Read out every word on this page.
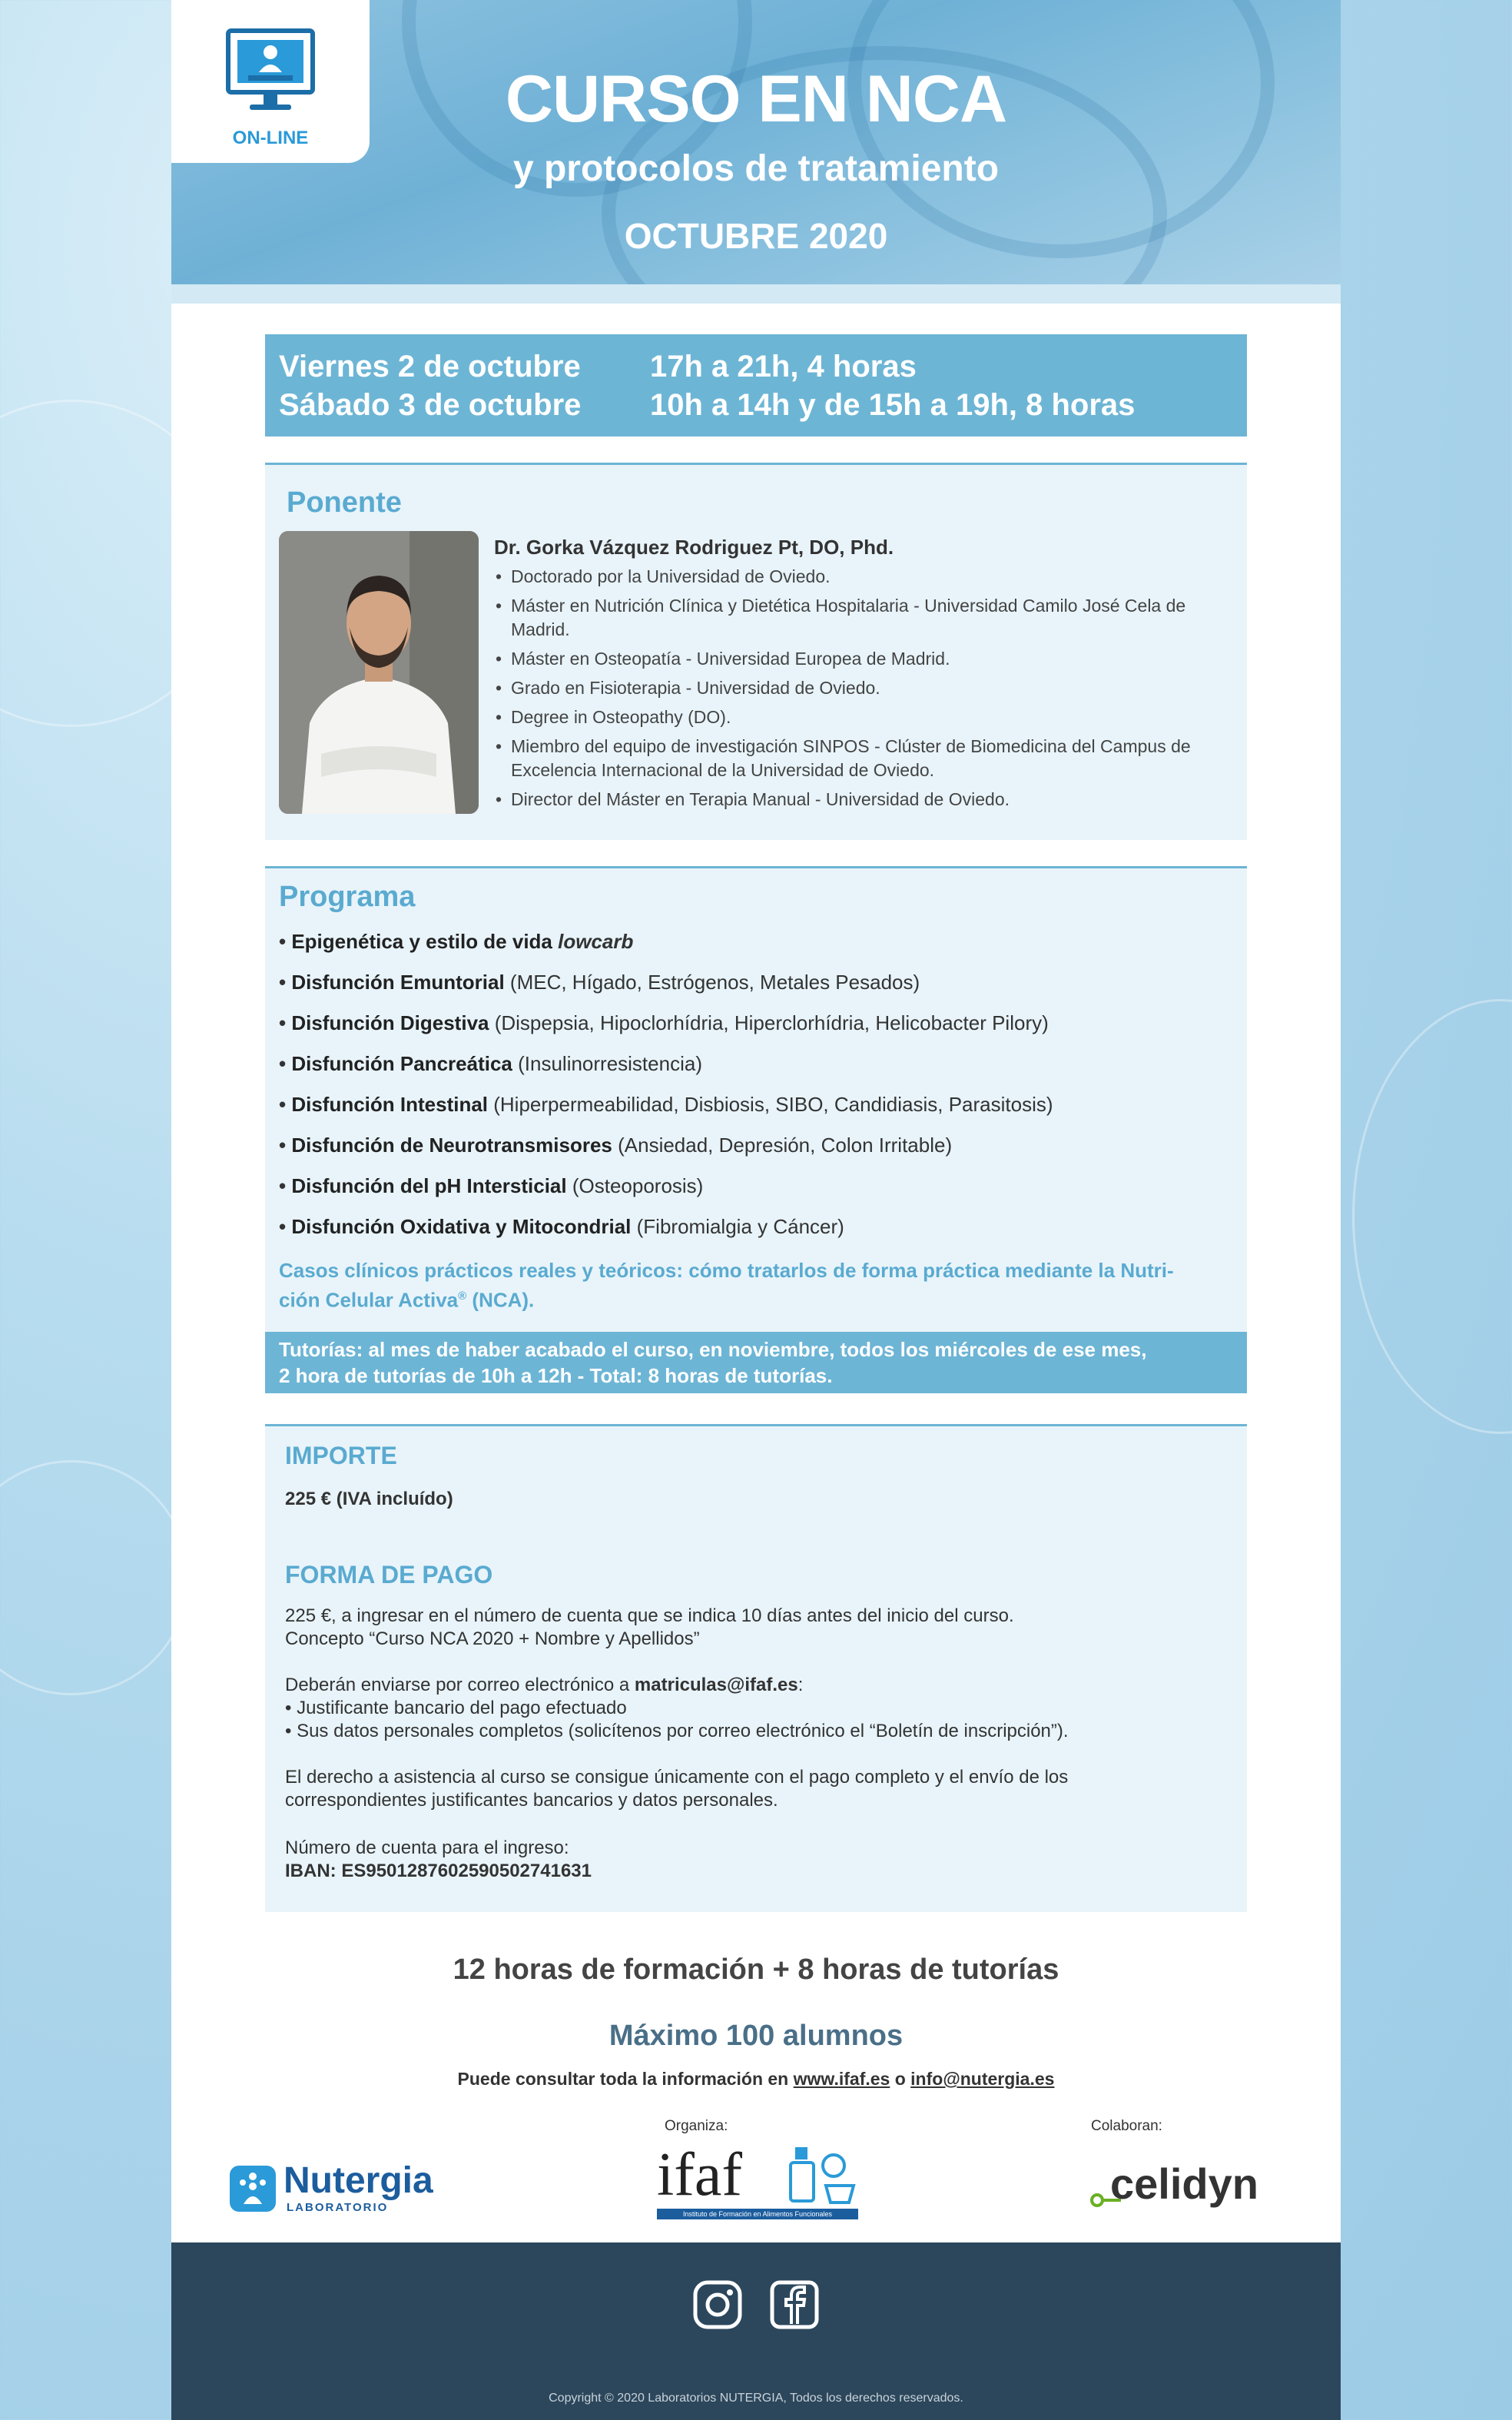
ON-LINE
CURSO EN NCA
y protocolos de tratamiento
OCTUBRE 2020
Viernes 2 de octubre 17h a 21h, 4 horas
Sábado 3 de octubre 10h a 14h y de 15h a 19h, 8 horas
Ponente
Dr. Gorka Vázquez Rodriguez Pt, DO, Phd.
• Doctorado por la Universidad de Oviedo.
• Máster en Nutrición Clínica y Dietética Hospitalaria - Universidad Camilo José Cela de Madrid.
• Máster en Osteopatía - Universidad Europea de Madrid.
• Grado en Fisioterapia - Universidad de Oviedo.
• Degree in Osteopathy (DO).
• Miembro del equipo de investigación SINPOS - Clúster de Biomedicina del Campus de Excelencia Internacional de la Universidad de Oviedo.
• Director del Máster en Terapia Manual - Universidad de Oviedo.
Programa
• Epigenética y estilo de vida lowcarb
• Disfunción Emuntorial (MEC, Hígado, Estrógenos, Metales Pesados)
• Disfunción Digestiva (Dispepsia, Hipoclorhídria, Hiperclorhídria, Helicobacter Pilory)
• Disfunción Pancreática (Insulinorresistencia)
• Disfunción Intestinal (Hiperpermeabilidad, Disbiosis, SIBO, Candidiasis, Parasitosis)
• Disfunción de Neurotransmisores (Ansiedad, Depresión, Colon Irritable)
• Disfunción del pH Intersticial (Osteoporosis)
• Disfunción Oxidativa y Mitocondrial (Fibromialgia y Cáncer)
Casos clínicos prácticos reales y teóricos: cómo tratarlos de forma práctica mediante la Nutri-
ción Celular Activa® (NCA).
Tutorías: al mes de haber acabado el curso, en noviembre, todos los miércoles de ese mes,
2 hora de tutorías de 10h a 12h - Total: 8 horas de tutorías.
IMPORTE
225 € (IVA incluído)
FORMA DE PAGO
225 €, a ingresar en el número de cuenta que se indica 10 días antes del inicio del curso.
Concepto “Curso NCA 2020 + Nombre y Apellidos”
Deberán enviarse por correo electrónico a matriculas@ifaf.es:
• Justificante bancario del pago efectuado
• Sus datos personales completos (solicítenos por correo electrónico el “Boletín de inscripción”).
El derecho a asistencia al curso se consigue únicamente con el pago completo y el envío de los
correspondientes justificantes bancarios y datos personales.
Número de cuenta para el ingreso:
IBAN: ES9501287602590502741631
12 horas de formación + 8 horas de tutorías
Máximo 100 alumnos
Puede consultar toda la información en www.ifaf.es o info@nutergia.es
Organiza:	Colaboran:
Nutergia
LABORATORIO	ifaf
Instituto de Formación en Alimentos Funcionales
celidyn
Copyright © 2020 Laboratorios NUTERGIA, Todos los derechos reservados.
